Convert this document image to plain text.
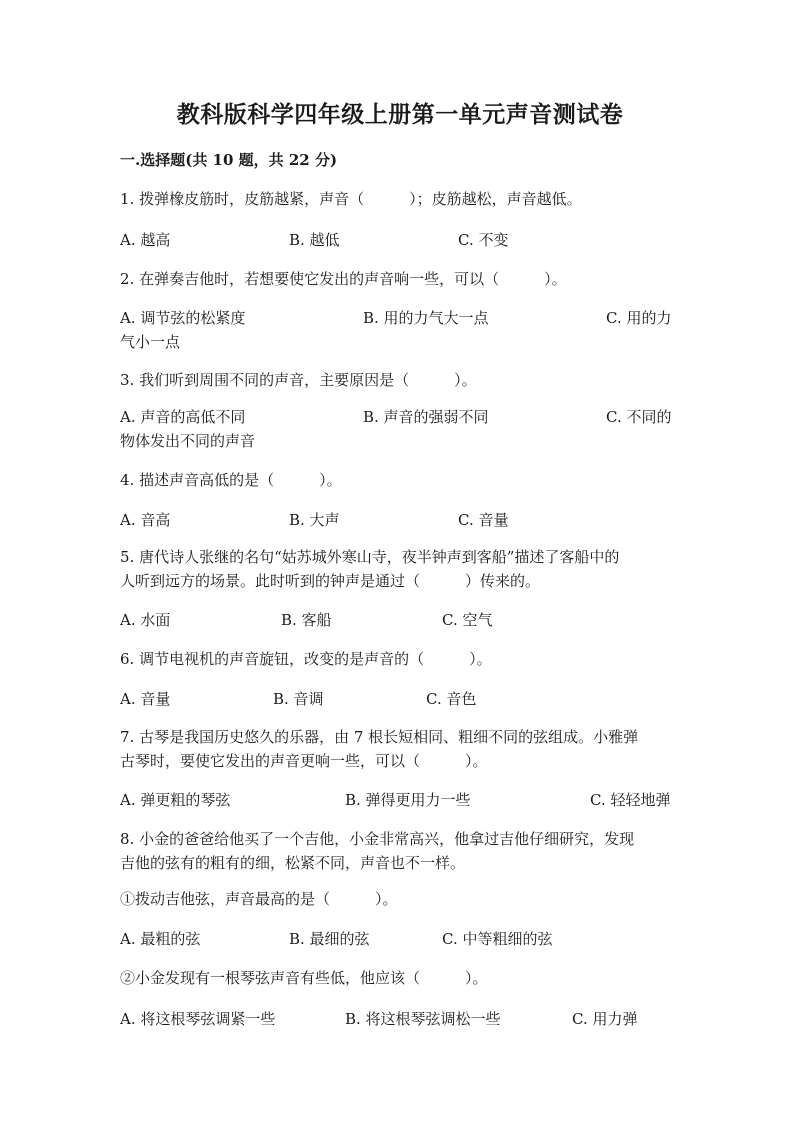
教科版科学四年级上册第一单元声音测试卷
一.选择题(共 10 题，共 22 分)
1. 拨弹橡皮筋时，皮筋越紧，声音（　　　）；皮筋越松，声音越低。
A. 越高	B. 越低	C. 不变
2. 在弹奏吉他时，若想要使它发出的声音响一些，可以（　　　）。
A. 调节弦的松紧度	B. 用的力气大一点	C. 用的力
气小一点
3. 我们听到周围不同的声音，主要原因是（　　　）。
A. 声音的高低不同	B. 声音的强弱不同	C. 不同的
物体发出不同的声音
4. 描述声音高低的是（　　　）。
A. 音高	B. 大声	C. 音量
5. 唐代诗人张继的名句“姑苏城外寒山寺，夜半钟声到客船”描述了客船中的
人听到远方的场景。此时听到的钟声是通过（　　　）传来的。
A. 水面	B. 客船	C. 空气
6. 调节电视机的声音旋钮，改变的是声音的（　　　）。
A. 音量	B. 音调	C. 音色
7. 古琴是我国历史悠久的乐器，由 7 根长短相同、粗细不同的弦组成。小雅弹
古琴时，要使它发出的声音更响一些，可以（　　　）。
A. 弹更粗的琴弦	B. 弹得更用力一些	C. 轻轻地弹
8. 小金的爸爸给他买了一个吉他，小金非常高兴，他拿过吉他仔细研究，发现
吉他的弦有的粗有的细，松紧不同，声音也不一样。
①拨动吉他弦，声音最高的是（　　　）。
A. 最粗的弦	B. 最细的弦	C. 中等粗细的弦
②小金发现有一根琴弦声音有些低，他应该（　　　）。
A. 将这根琴弦调紧一些	B. 将这根琴弦调松一些	C. 用力弹
